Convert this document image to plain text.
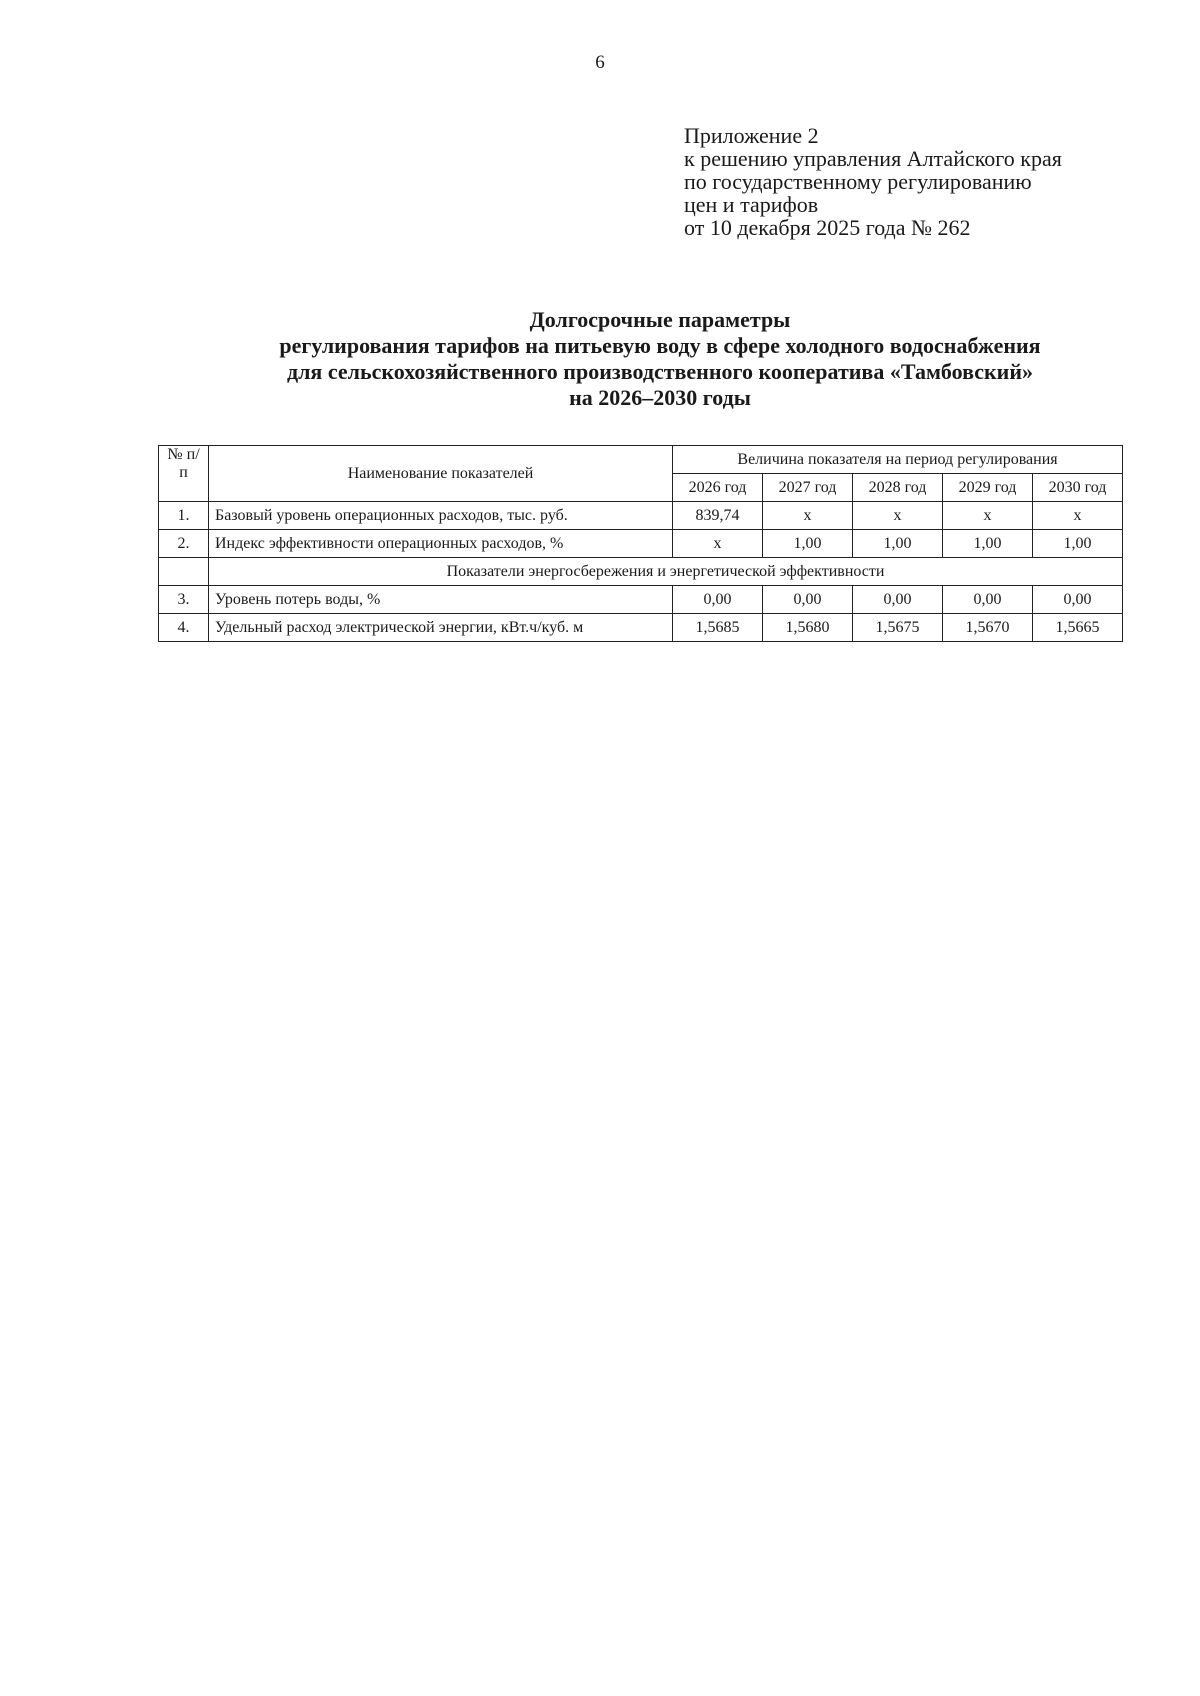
6
Приложение 2
к решению управления Алтайского края
по государственному регулированию
цен и тарифов
от 10 декабря 2025 года № 262
Долгосрочные параметры
регулирования тарифов на питьевую воду в сфере холодного водоснабжения
для сельскохозяйственного производственного кооператива «Тамбовский»
на 2026–2030 годы
№ п/п	Наименование показателей	Величина показателя на период регулирования				
		2026 год	2027 год	2028 год	2029 год	2030 год
1.	Базовый уровень операционных расходов, тыс. руб.	839,74	х	х	х	х
2.	Индекс эффективности операционных расходов, %	х	1,00	1,00	1,00	1,00
	Показатели энергосбережения и энергетической эффективности					
3.	Уровень потерь воды, %	0,00	0,00	0,00	0,00	0,00
4.	Удельный расход электрической энергии, кВт.ч/куб. м	1,5685	1,5680	1,5675	1,5670	1,5665
